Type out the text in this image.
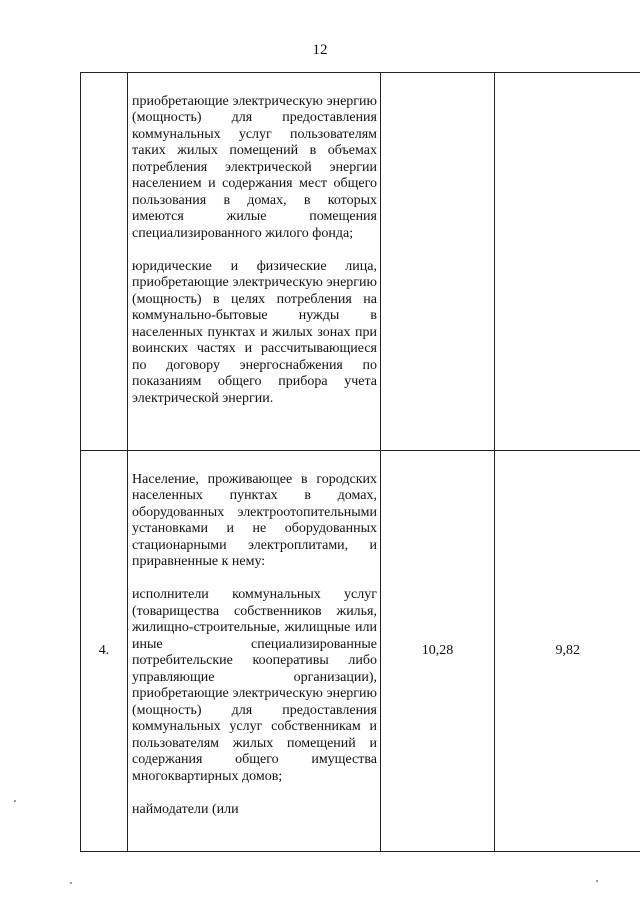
12

	приобретающие электрическую энергию (мощность) для предоставления коммунальных услуг пользователям таких жилых помещений в объемах потребления электрической энергии населением и содержания мест общего пользования в домах, в которых имеются жилые помещения специализированного жилого фонда;

юридические и физические лица, приобретающие электрическую энергию (мощность) в целях потребления на коммунально-бытовые нужды в населенных пунктах и жилых зонах при воинских частях и рассчитывающиеся по договору энергоснабжения по показаниям общего прибора учета электрической энергии.		

4.	Население, проживающее в городских населенных пунктах в домах, оборудованных электроотопительными установками и не оборудованных стационарными электроплитами, и приравненные к нему:

исполнители коммунальных услуг (товарищества собственников жилья, жилищно-строительные, жилищные или иные специализированные потребительские кооперативы либо управляющие организации), приобретающие электрическую энергию (мощность) для предоставления коммунальных услуг собственникам и пользователям жилых помещений и содержания общего имущества многоквартирных домов;

наймодатели (или	10,28	9,82
